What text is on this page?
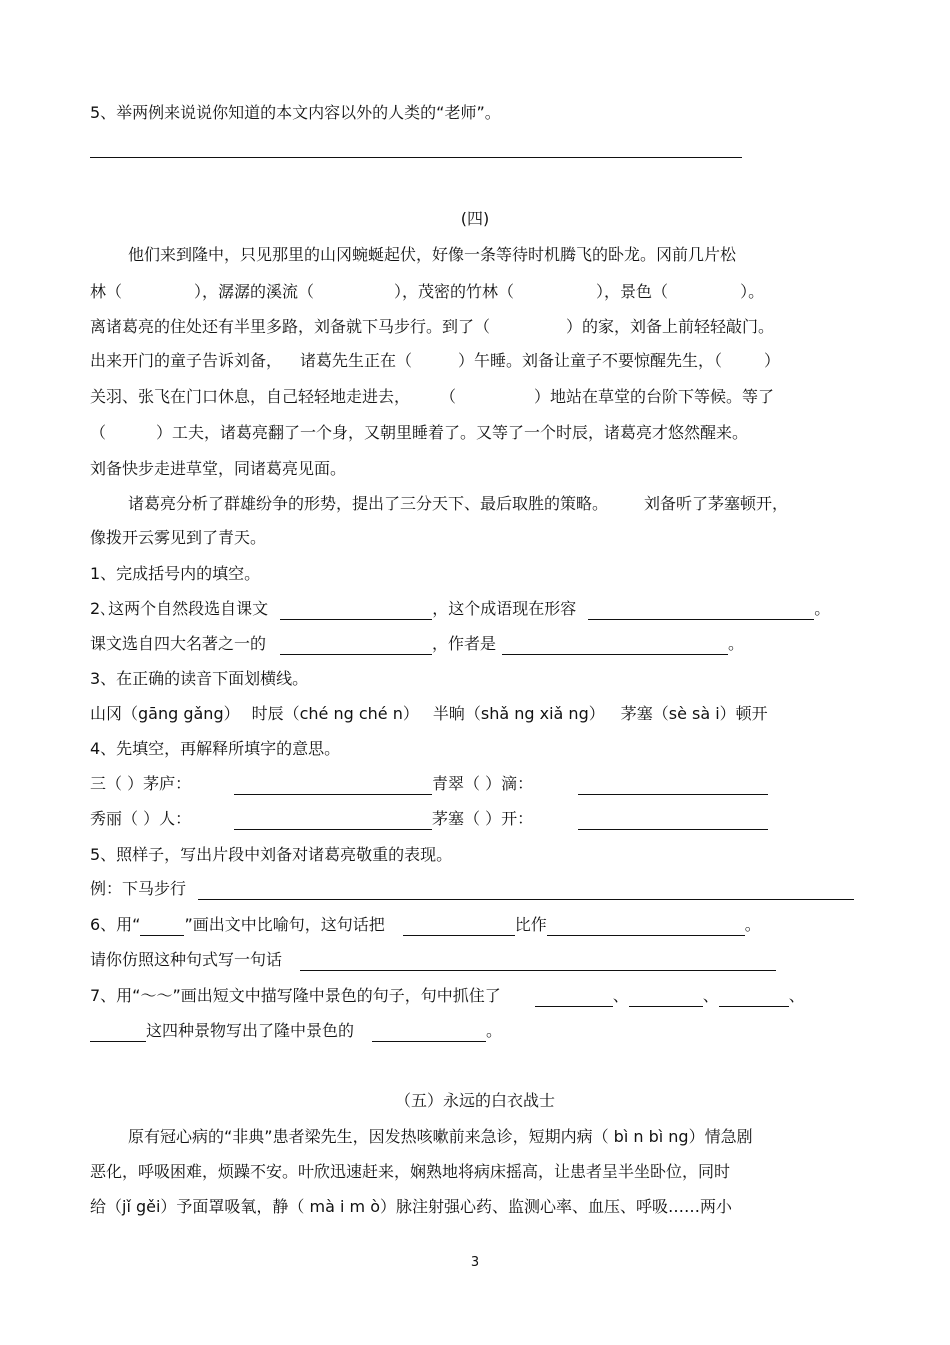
5、举两例来说说你知道的本文内容以外的人类的“老师”。
(四)
他们来到隆中，只见那里的山冈蜿蜒起伏，好像一条等待时机腾飞的卧龙。冈前几片松
林（	），潺潺的溪流（	），茂密的竹林（	），景色（	）。
离诸葛亮的住处还有半里多路，刘备就下马步行。到了（	）的家，刘备上前轻轻敲门。
出来开门的童子告诉刘备， 诸葛先生正在（	）午睡。刘备让童子不要惊醒先生，（	）
关羽、张飞在门口休息，自己轻轻地走进去， （	）地站在草堂的台阶下等候。等了
（	）工夫，诸葛亮翻了一个身，又朝里睡着了。又等了一个时辰，诸葛亮才悠然醒来。
刘备快步走进草堂，同诸葛亮见面。
诸葛亮分析了群雄纷争的形势，提出了三分天下、最后取胜的策略。 刘备听了茅塞顿开，
像拨开云雾见到了青天。
1、完成括号内的填空。
2､这两个自然段选自课文	，这个成语现在形容	。
课文选自四大名著之一的	，作者是	。
3、在正确的读音下面划横线。
山冈（gāng gǎng） 时辰（ché ng ché n） 半晌（shǎ ng xiǎ ng） 茅塞（sè sà i）顿开
4、先填空，再解释所填字的意思。
三（ ）茅庐：	青翠（ ）滴：
秀丽（ ）人：	茅塞（ ）开：
5、照样子，写出片段中刘备对诸葛亮敬重的表现。
例：下马步行
6、用“	”画出文中比喻句，这句话把	比作	。
请你仿照这种句式写一句话
7、用“～～”画出短文中描写隆中景色的句子，句中抓住了	、	、	、
这四种景物写出了隆中景色的	。
（五）永远的白衣战士
原有冠心病的“非典”患者梁先生，因发热咳嗽前来急诊，短期内病（ bì n bì ng）情急剧
恶化，呼吸困难，烦躁不安。叶欣迅速赶来，娴熟地将病床摇高，让患者呈半坐卧位，同时
给（jǐ gěi）予面罩吸氧，静（ mà i m ò）脉注射强心药、监测心率、血压、呼吸……两小
3
